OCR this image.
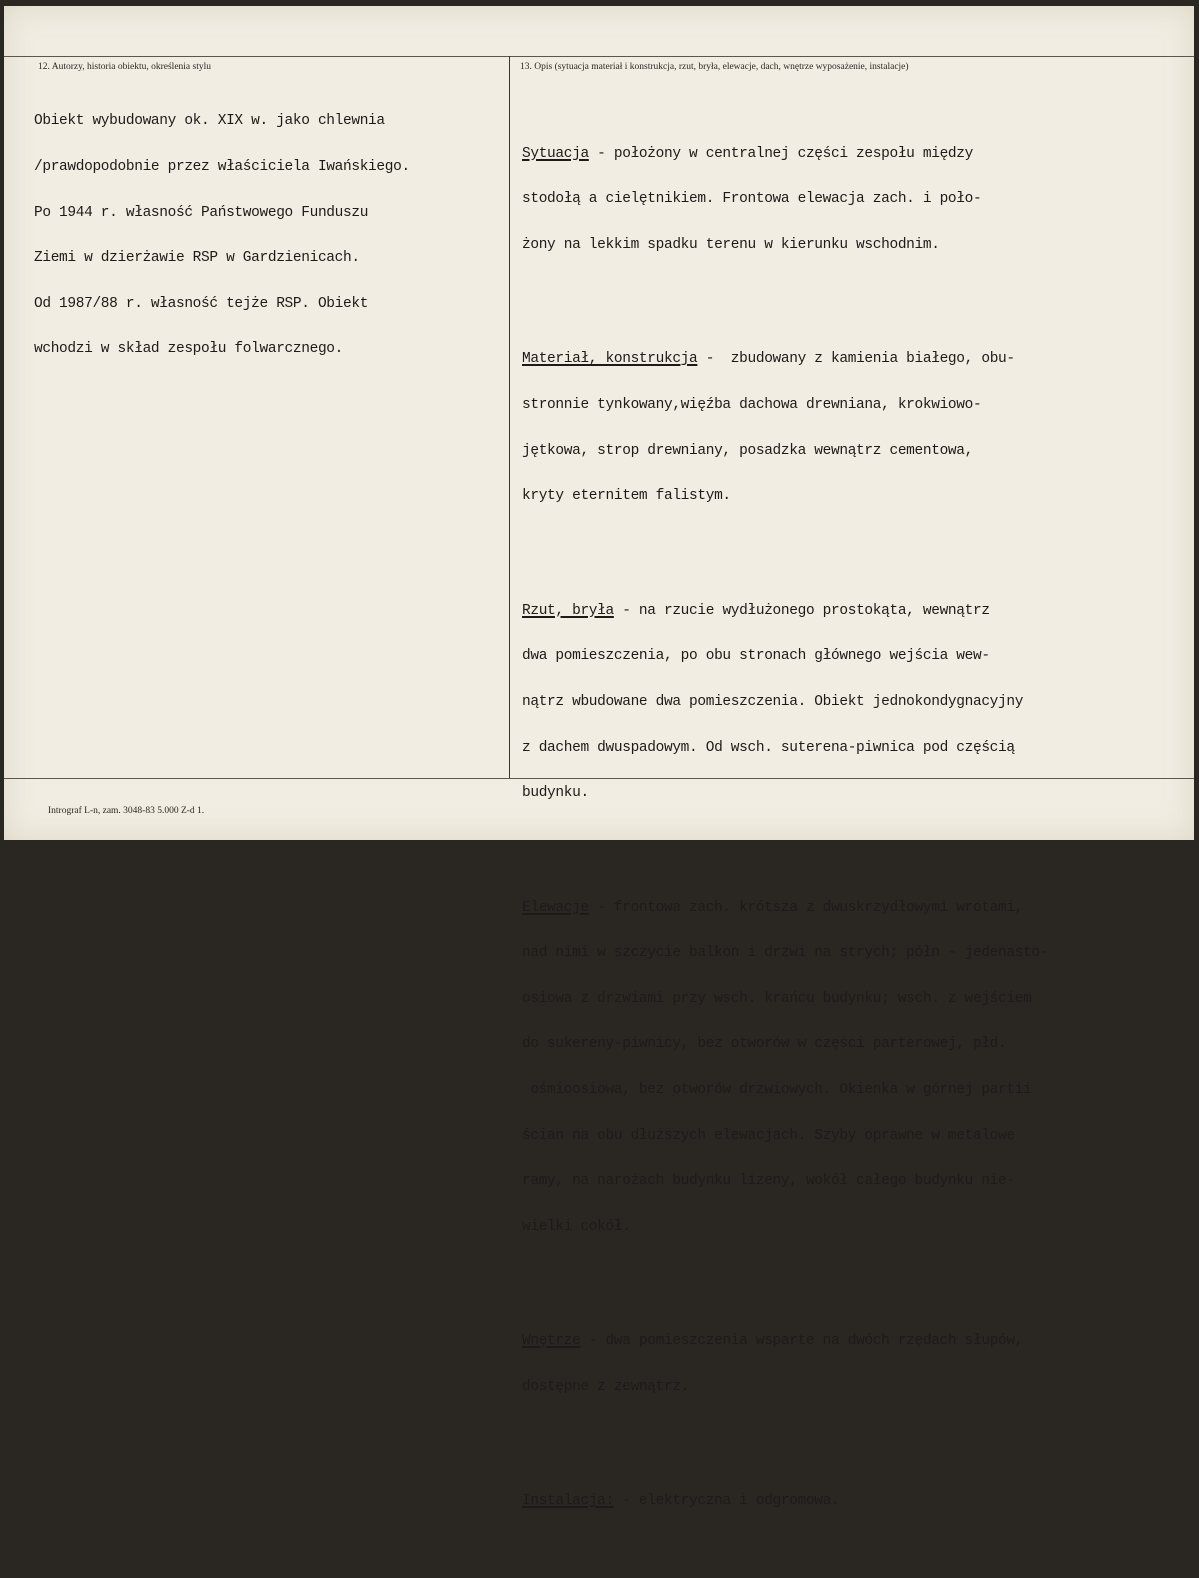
12. Autorzy, historia obiektu, określenia stylu	13. Opis (sytuacja materiał i konstrukcja, rzut, bryła, elewacje, dach, wnętrze wyposażenie, instalacje)

Obiekt wybudowany ok. XIX w. jako chlewnia

/prawdopodobnie przez właściciela Iwańskiego.

Po 1944 r. własność Państwowego Funduszu

Ziemi w dzierżawie RSP w Gardzienicach.

Od 1987/88 r. własność tejże RSP. Obiekt

wchodzi w skład zespołu folwarcznego.

Sytuacja - położony w centralnej części zespołu między

stodołą a cielętnikiem. Frontowa elewacja zach. i poło-

żony na lekkim spadku terenu w kierunku wschodnim.

Materiał, konstrukcja -  zbudowany z kamienia białego, obu-

stronnie tynkowany,więźba dachowa drewniana, krokwiowo-

jętkowa, strop drewniany, posadzka wewnątrz cementowa,

kryty eternitem falistym.

Rzut, bryła - na rzucie wydłużonego prostokąta, wewnątrz

dwa pomieszczenia, po obu stronach głównego wejścia wew-

nątrz wbudowane dwa pomieszczenia. Obiekt jednokondygnacyjny

z dachem dwuspadowym. Od wsch. suterena-piwnica pod częścią

budynku.

Elewacje - frontowa zach. krótsza z dwuskrzydłowymi wrotami,

nad nimi w szczycie balkon i drzwi na strych; półn - jedenasto-

osiowa z drzwiami przy wsch. krańcu budynku; wsch. z wejściem

do sukereny-piwnicy, bez otworów w części parterowej, płd.

ośmioosiowa, bez otworów drzwiowych. Okienka w górnej partii

ścian na obu dłuższych elewacjach. Szyby oprawne w metalowe

ramy, na narożach budynku lizeny, wokół całego budynku nie-

wielki cokół.

Wnętrze - dwa pomieszczenia wsparte na dwóch rzędach słupów,

dostępne z zewnątrz.

Instalacja: - elektryczna i odgromowa.

Intrograf L-n, zam. 3048-83 5.000 Z-d 1.
